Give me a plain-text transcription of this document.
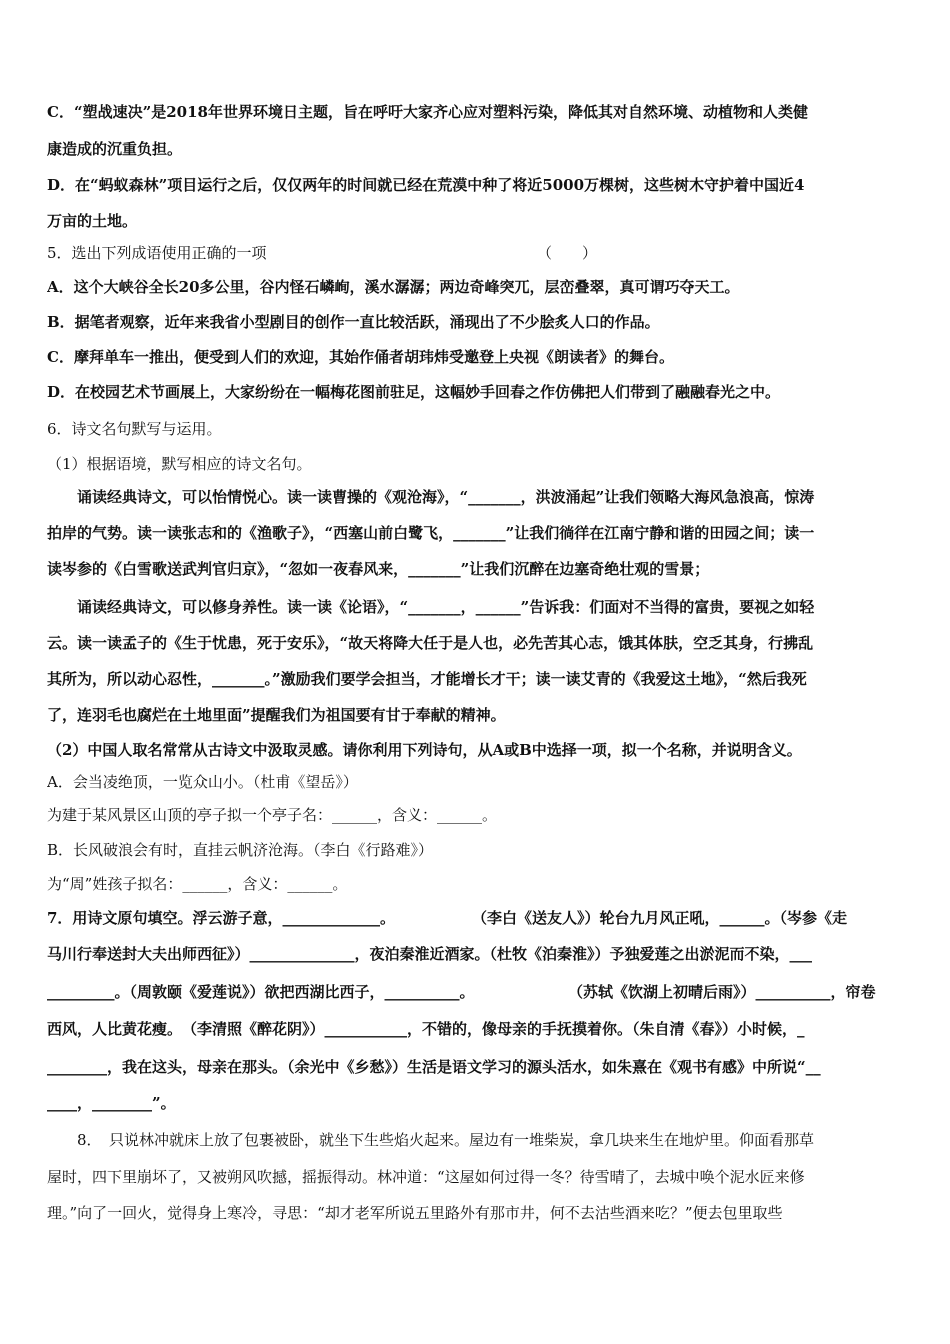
C．“塑战速决”是2018年世界环境日主题，旨在呼吁大家齐心应对塑料污染，降低其对自然环境、动植物和人类健
康造成的沉重负担。
D．在“蚂蚁森林”项目运行之后，仅仅两年的时间就已经在荒漠中种了将近5000万棵树，这些树木守护着中国近4
万亩的土地。
5．选出下列成语使用正确的一项	（　　）
A．这个大峡谷全长20多公里，谷内怪石嶙峋，溪水潺潺；两边奇峰突兀，层峦叠翠，真可谓巧夺天工。
B．据笔者观察，近年来我省小型剧目的创作一直比较活跃，涌现出了不少脍炙人口的作品。
C．摩拜单车一推出，便受到人们的欢迎，其始作俑者胡玮炜受邀登上央视《朗读者》的舞台。
D．在校园艺术节画展上，大家纷纷在一幅梅花图前驻足，这幅妙手回春之作仿佛把人们带到了融融春光之中。
6．诗文名句默写与运用。
（1）根据语境，默写相应的诗文名句。
　　诵读经典诗文，可以怡情悦心。读一读曹操的《观沧海》，“_______，洪波涌起”让我们领略大海风急浪高，惊涛
拍岸的气势。读一读张志和的《渔歌子》，“西塞山前白鹭飞，_______”让我们徜徉在江南宁静和谐的田园之间；读一
读岑参的《白雪歌送武判官归京》，“忽如一夜春风来，_______”让我们沉醉在边塞奇绝壮观的雪景；
　　诵读经典诗文，可以修身养性。读一读《论语》，“_______，______”告诉我：们面对不当得的富贵，要视之如轻
云。读一读孟子的《生于忧患，死于安乐》，“故天将降大任于是人也，必先苦其心志，饿其体肤，空乏其身，行拂乱
其所为，所以动心忍性，_______。”激励我们要学会担当，才能增长才干；读一读艾青的《我爱这土地》，“然后我死
了，连羽毛也腐烂在土地里面”提醒我们为祖国要有甘于奉献的精神。
（2）中国人取名常常从古诗文中汲取灵感。请你利用下列诗句，从A或B中选择一项，拟一个名称，并说明含义。
A．会当凌绝顶，一览众山小。（杜甫《望岳》）
为建于某风景区山顶的亭子拟一个亭子名：______，含义：______。
B．长风破浪会有时，直挂云帆济沧海。（李白《行路难》）
为“周”姓孩子拟名：______，含义：______。
7．用诗文原句填空。浮云游子意，_____________。	（李白《送友人》）轮台九月风正吼，______。（岑参《走
马川行奉送封大夫出师西征》）______________，夜泊秦淮近酒家。（杜牧《泊秦淮》）予独爱莲之出淤泥而不染，___
_________。（周敦颐《爱莲说》）欲把西湖比西子，__________。	（苏轼《饮湖上初晴后雨》）__________，帘卷
西风，人比黄花瘦。　（李清照《醉花阴》）___________，不错的，像母亲的手抚摸着你。（朱自清《春》）小时候，_
________，我在这头，母亲在那头。（余光中《乡愁》）生活是语文学习的源头活水，如朱熹在《观书有感》中所说“__
____，________”。
　　8．　只说林冲就床上放了包裹被卧，就坐下生些焰火起来。屋边有一堆柴炭，拿几块来生在地炉里。仰面看那草
屋时，四下里崩坏了，又被朔风吹撼，摇振得动。林冲道：“这屋如何过得一冬？待雪晴了，去城中唤个泥水匠来修
理。”向了一回火，觉得身上寒冷，寻思：“却才老军所说五里路外有那市井，何不去沽些酒来吃？”便去包里取些
